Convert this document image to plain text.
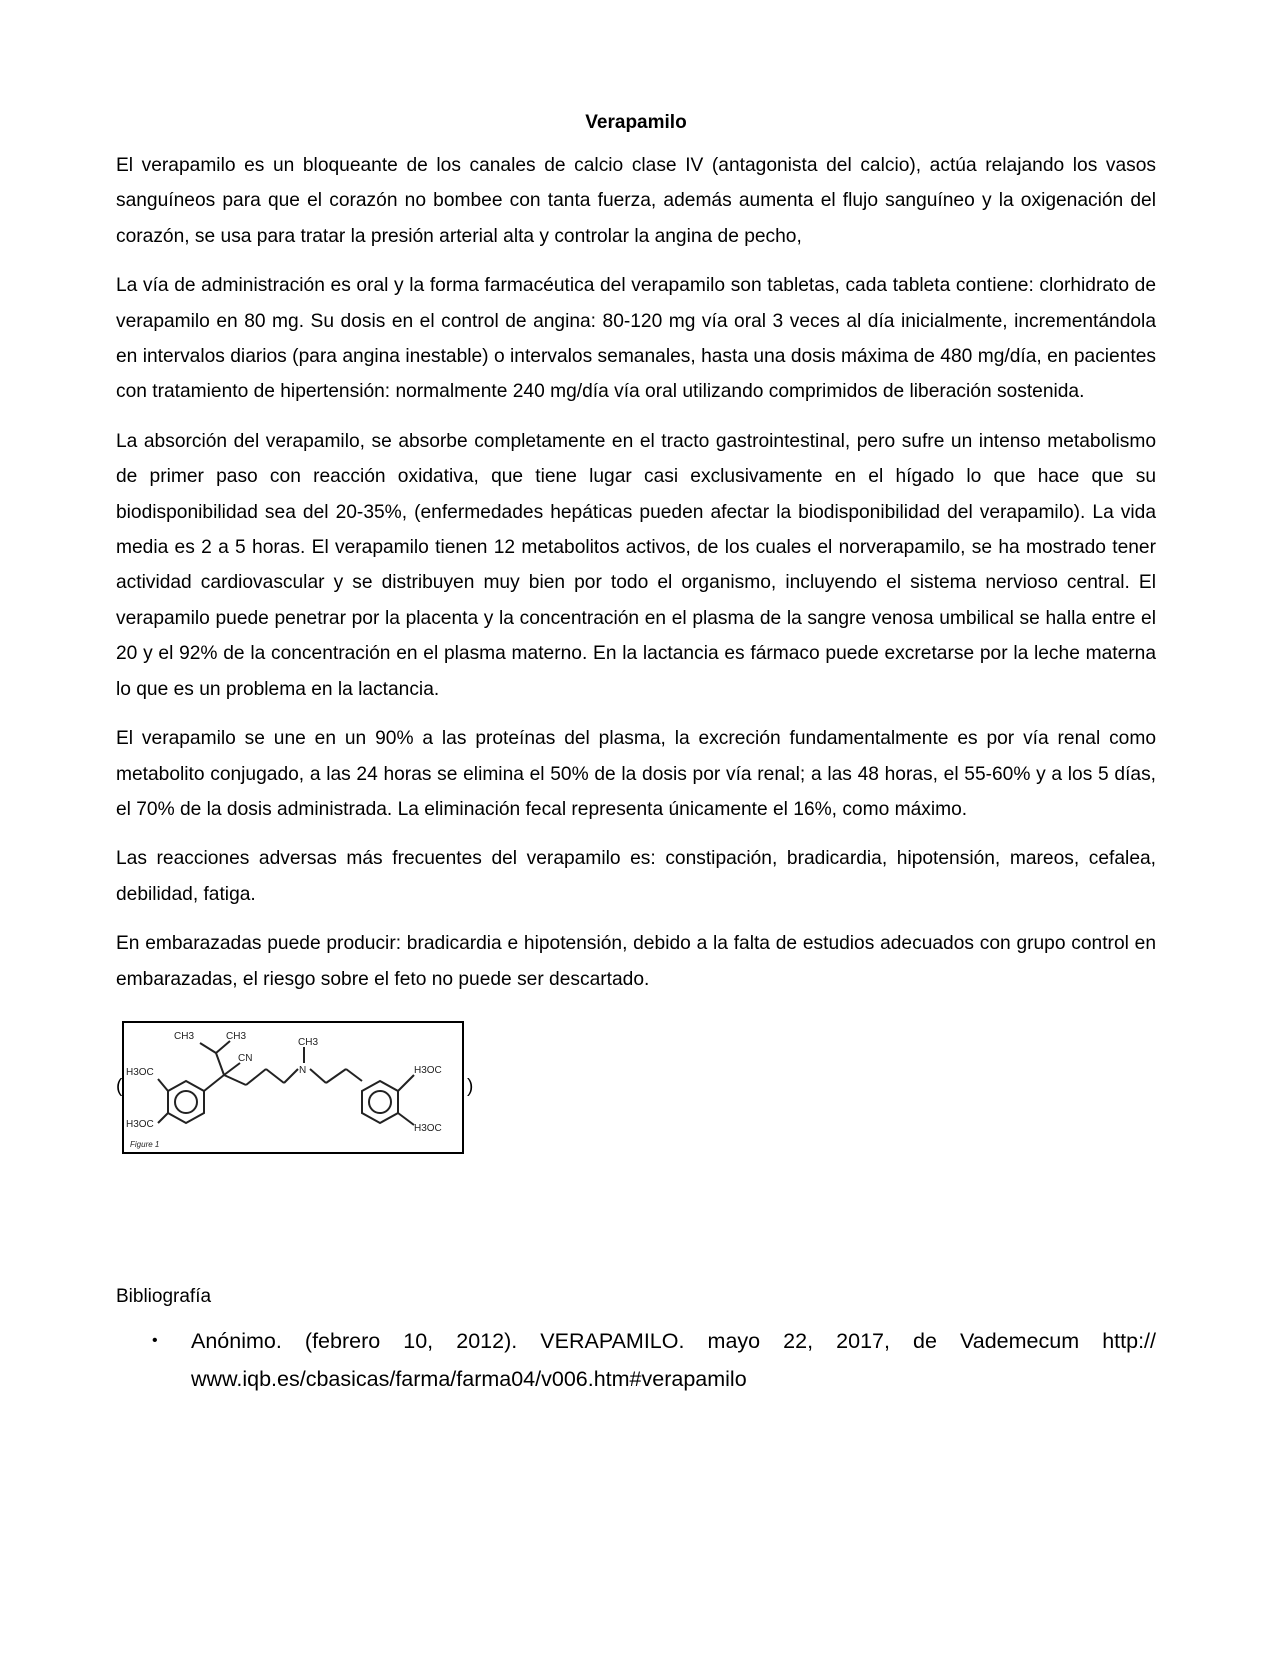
Verapamilo

El verapamilo es un bloqueante de los canales de calcio clase IV (antagonista del calcio), actúa relajando los vasos sanguíneos para que el corazón no bombee con tanta fuerza, además aumenta el flujo sanguíneo y la oxigenación del corazón, se usa para tratar la presión arterial alta y controlar la angina de pecho,

La vía de administración es oral y la forma farmacéutica del verapamilo son tabletas, cada tableta contiene: clorhidrato de verapamilo en 80 mg. Su dosis en el control de angina: 80-120 mg vía oral 3 veces al día inicialmente, incrementándola en intervalos diarios (para angina inestable) o intervalos semanales, hasta una dosis máxima de 480 mg/día, en pacientes con tratamiento de hipertensión: normalmente 240 mg/día vía oral utilizando comprimidos de liberación sostenida.

La absorción del verapamilo, se absorbe completamente en el tracto gastrointestinal, pero sufre un intenso metabolismo de primer paso con reacción oxidativa, que tiene lugar casi exclusivamente en el hígado lo que hace que su biodisponibilidad sea del 20-35%, (enfermedades hepáticas pueden afectar la biodisponibilidad del verapamilo). La vida media es 2 a 5 horas. El verapamilo tienen 12 metabolitos activos, de los cuales el norverapamilo, se ha mostrado tener actividad cardiovascular y se distribuyen muy bien por todo el organismo, incluyendo el sistema nervioso central. El verapamilo puede penetrar por la placenta y la concentración en el plasma de la sangre venosa umbilical se halla entre el 20 y el 92% de la concentración en el plasma materno. En la lactancia es fármaco puede excretarse por la leche materna lo que es un problema en la lactancia.

El verapamilo se une en un 90% a las proteínas del plasma, la excreción fundamentalmente es por vía renal como metabolito conjugado, a las 24 horas se elimina el 50% de la dosis por vía renal; a las 48 horas, el 55-60% y a los 5 días, el 70% de la dosis administrada. La eliminación fecal representa únicamente el 16%, como máximo.

Las reacciones adversas más frecuentes del verapamilo es: constipación, bradicardia, hipotensión, mareos, cefalea, debilidad, fatiga.

En embarazadas puede producir: bradicardia e hipotensión, debido a la falta de estudios adecuados con grupo control en embarazadas, el riesgo sobre el feto no puede ser descartado.

(
CH3	CH3
CN
CH3
N
H3OC
H3OC
H3OC
H3OC
Figure 1
)
Bibliografía
• Anónimo. (febrero 10, 2012). VERAPAMILO. mayo 22, 2017, de Vademecum http:// www.iqb.es/cbasicas/farma/farma04/v006.htm#verapamilo
